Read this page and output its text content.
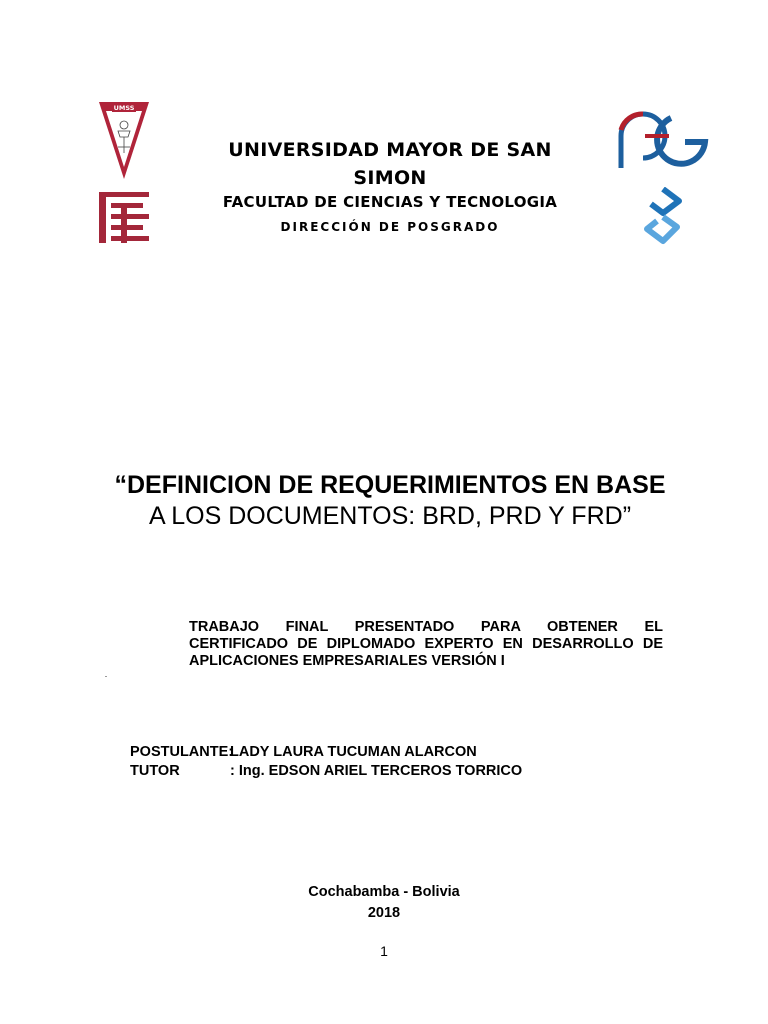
UMSS
UNIVERSIDAD MAYOR DE SAN
SIMON
FACULTAD DE CIENCIAS Y TECNOLOGIA
DIRECCIÓN DE POSGRADO
“DEFINICION DE REQUERIMIENTOS EN BASE
A LOS DOCUMENTOS: BRD, PRD Y FRD”
TRABAJO FINAL PRESENTADO PARA OBTENER EL
CERTIFICADO DE DIPLOMADO EXPERTO EN DESARROLLO DE
APLICACIONES EMPRESARIALES VERSIÓN I
POSTULANTE:LADY LAURA TUCUMAN ALARCON
TUTOR	: Ing. EDSON ARIEL TERCEROS TORRICO
Cochabamba - Bolivia
2018
1
